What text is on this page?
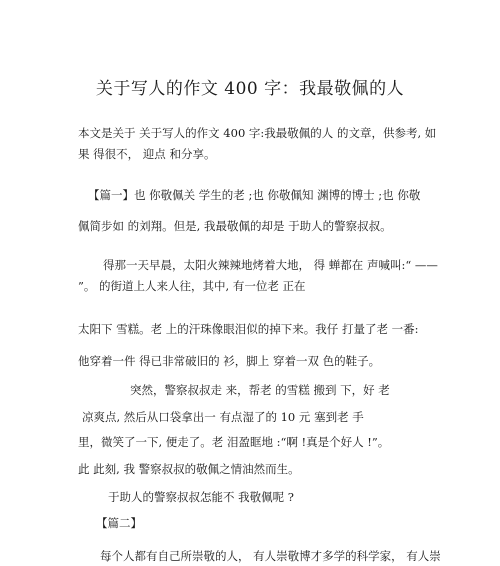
关于写人的作文 400 字：我最敬佩的人
本文是关于 关于写人的作文 400 字:我最敬佩的人 的文章，供参考, 如
果 得很不， 迎点 和分享。
【篇一】也 你敬佩关 学生的老 ;也 你敬佩知 渊博的博士 ;也 你敬
佩简步如 的刘翔。但是, 我最敬佩的却是 于助人的警察叔叔。
得那一天早晨，太阳火辣辣地烤着大地， 得 蝉都在 声喊叫:“ ——
”。 的街道上人来人往，其中, 有一位老 正在
太阳下 雪糕。老 上的汗珠像眼泪似的掉下来。我仔 打量了老 一番:
他穿着一件 得已非常破旧的 衫，脚上 穿着一双 色的鞋子。
突然，警察叔叔走 来，帮老 的雪糕 搬到 下，好 老
凉爽点, 然后从口袋拿出一 有点湿了的 10 元 塞到老 手
里，微笑了一下, 便走了。老 泪盈眶地 :“啊 !真是个好人 !”。
此 此刻, 我 警察叔叔的敬佩之情油然而生。
于助人的警察叔叔怎能不 我敬佩呢 ?
【篇二】
每个人都有自己所崇敬的人， 有人崇敬博才多学的科学家， 有人崇
